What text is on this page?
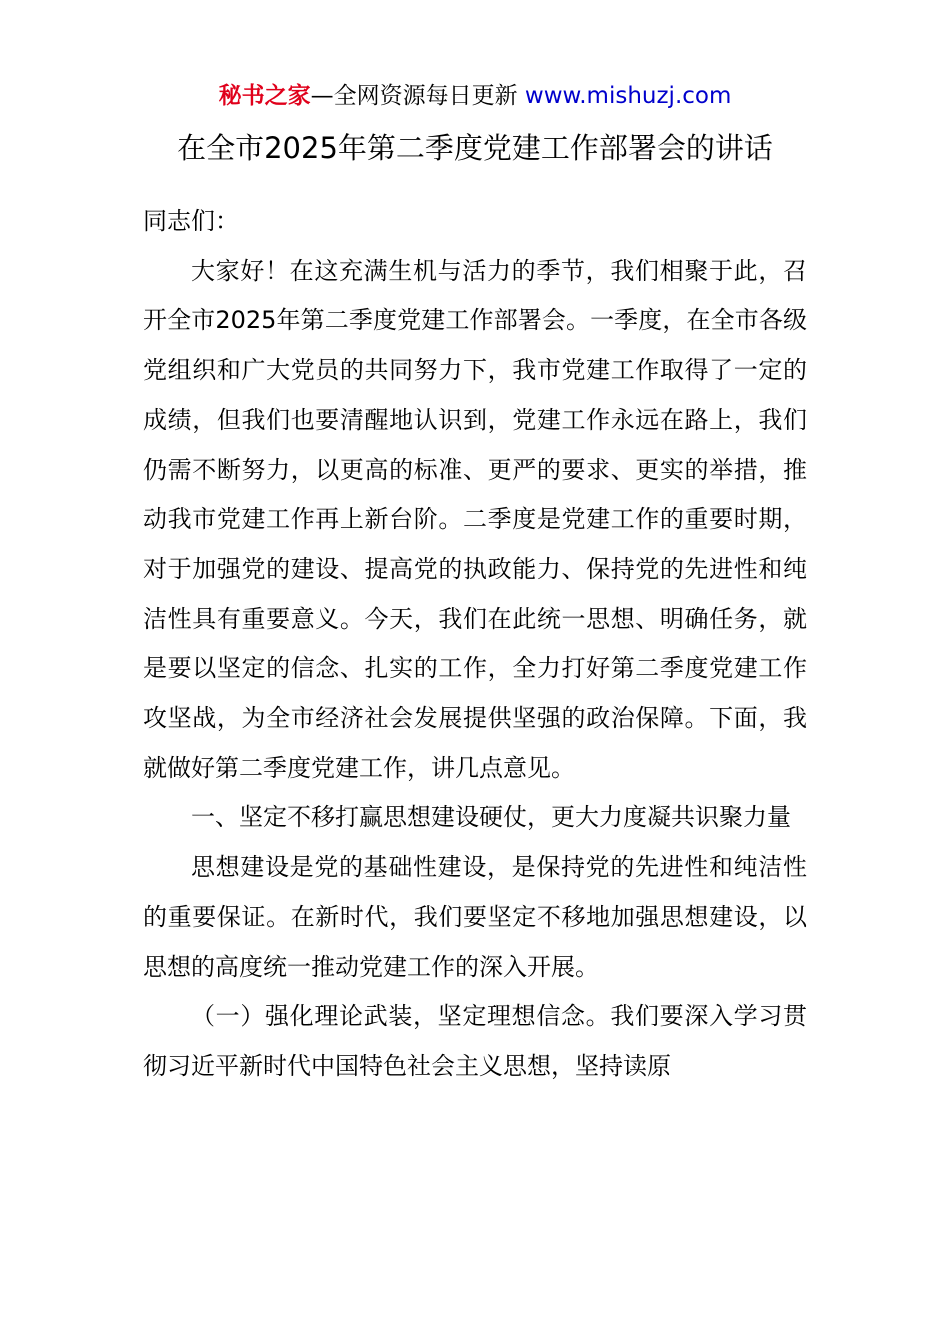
秘书之家—全网资源每日更新 www.mishuzj.com
在全市2025年第二季度党建工作部署会的讲话

同志们：

大家好！在这充满生机与活力的季节，我们相聚于此，召开全市2025年第二季度党建工作部署会。一季度，在全市各级党组织和广大党员的共同努力下，我市党建工作取得了一定的成绩，但我们也要清醒地认识到，党建工作永远在路上，我们仍需不断努力，以更高的标准、更严的要求、更实的举措，推动我市党建工作再上新台阶。二季度是党建工作的重要时期，对于加强党的建设、提高党的执政能力、保持党的先进性和纯洁性具有重要意义。今天，我们在此统一思想、明确任务，就是要以坚定的信念、扎实的工作，全力打好第二季度党建工作攻坚战，为全市经济社会发展提供坚强的政治保障。下面，我就做好第二季度党建工作，讲几点意见。

一、坚定不移打赢思想建设硬仗，更大力度凝共识聚力量

思想建设是党的基础性建设，是保持党的先进性和纯洁性的重要保证。在新时代，我们要坚定不移地加强思想建设，以思想的高度统一推动党建工作的深入开展。

（一）强化理论武装，坚定理想信念。我们要深入学习贯彻习近平新时代中国特色社会主义思想，坚持读原
